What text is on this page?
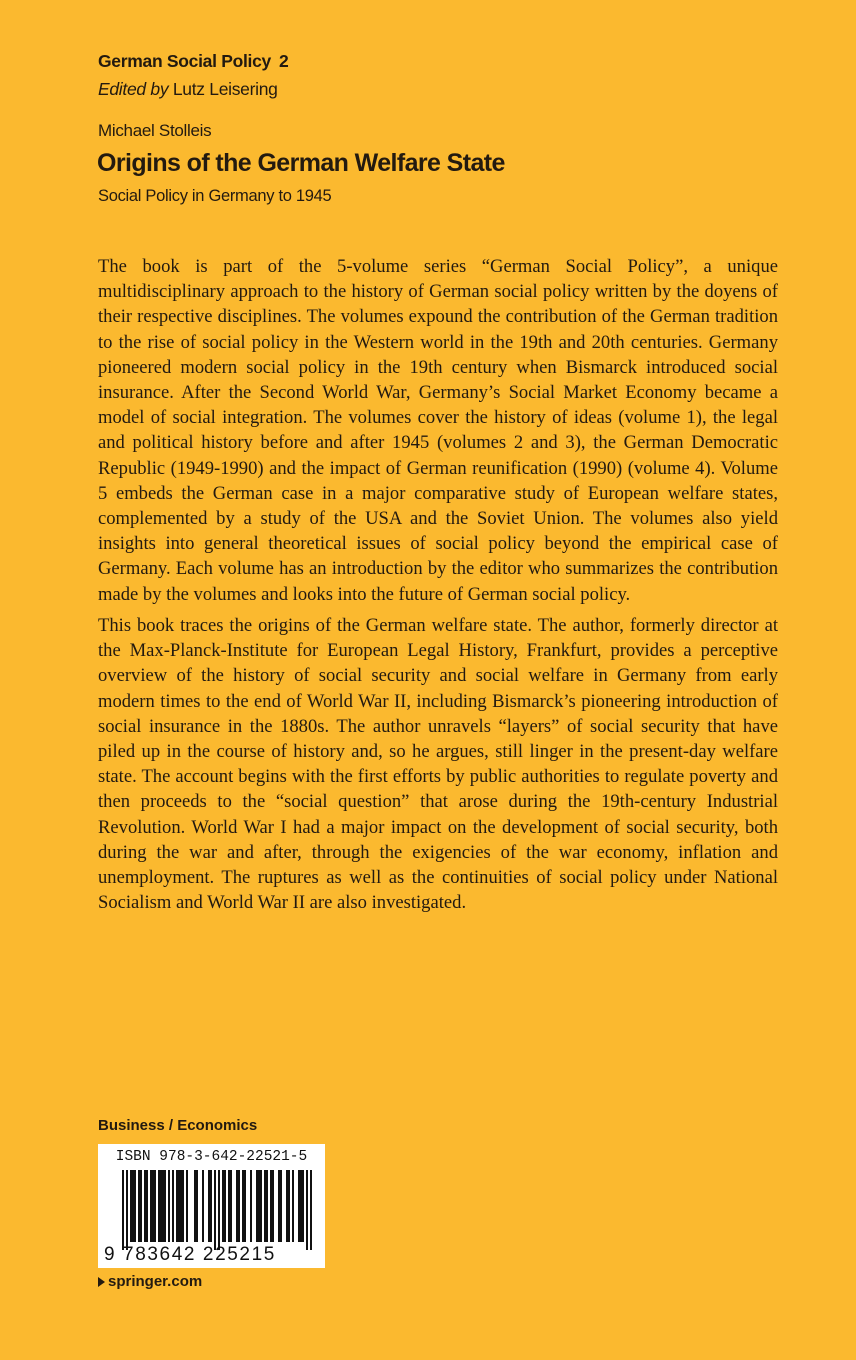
German Social Policy 2
Edited by Lutz Leisering
Michael Stolleis
Origins of the German Welfare State
Social Policy in Germany to 1945

The book is part of the 5-volume series “German Social Policy”, a unique multidisciplinary approach to the history of German social policy written by the doyens of their respective disciplines. The volumes expound the contribution of the German tradition to the rise of social policy in the Western world in the 19th and 20th centuries. Germany pioneered modern social policy in the 19th century when Bismarck introduced social insurance. After the Second World War, Germany’s Social Market Economy became a model of social integration. The volumes cover the history of ideas (volume 1), the legal and political history before and after 1945 (volumes 2 and 3), the German Democratic Republic (1949-1990) and the impact of German reunification (1990) (volume 4). Volume 5 embeds the German case in a major comparative study of European welfare states, complemented by a study of the USA and the Soviet Union. The volumes also yield insights into general theoretical issues of social policy beyond the empirical case of Germany. Each volume has an introduction by the editor who summarizes the contribution made by the volumes and looks into the future of German social policy.

This book traces the origins of the German welfare state. The author, formerly director at the Max-Planck-Institute for European Legal History, Frankfurt, provides a perceptive overview of the history of social security and social welfare in Germany from early modern times to the end of World War II, including Bismarck’s pioneering introduction of social insurance in the 1880s. The author unravels “layers” of social security that have piled up in the course of history and, so he argues, still linger in the present-day welfare state. The account begins with the first efforts by public authorities to regulate poverty and then proceeds to the “social question” that arose during the 19th-century Industrial Revolution. World War I had a major impact on the development of social security, both during the war and after, through the exigencies of the war economy, inflation and unemployment. The ruptures as well as the continuities of social policy under National Socialism and World War II are also investigated.

Business / Economics
ISBN 978-3-642-22521-5
9 783642 225215
springer.com
